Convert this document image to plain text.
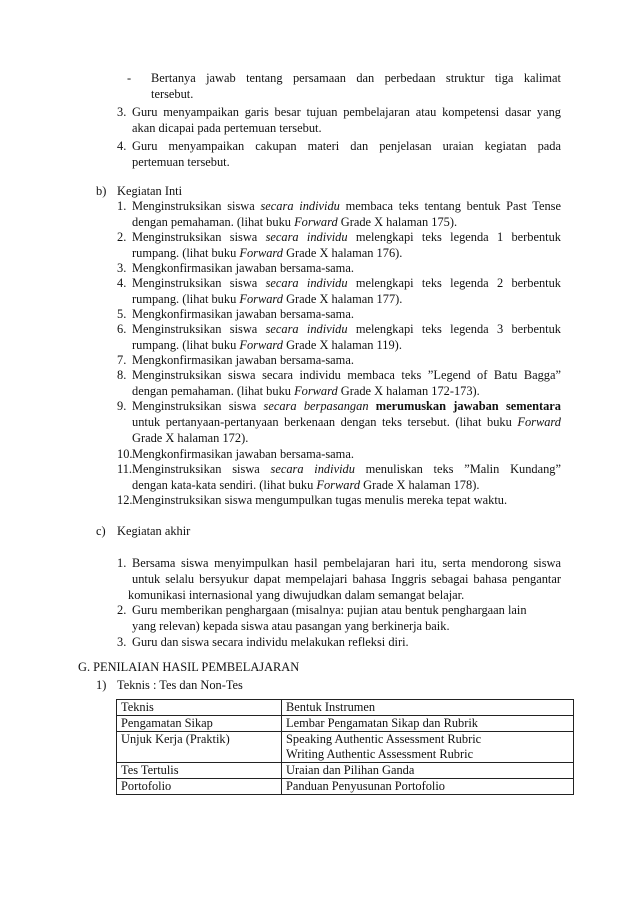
- Bertanya jawab tentang persamaan dan perbedaan struktur tiga kalimat
tersebut.
3. Guru menyampaikan garis besar tujuan pembelajaran atau kompetensi dasar yang
akan dicapai pada pertemuan tersebut.
4. Guru menyampaikan cakupan materi dan penjelasan uraian kegiatan pada
pertemuan tersebut.
b) Kegiatan Inti
1. Menginstruksikan siswa secara individu membaca teks tentang bentuk Past Tense
dengan pemahaman. (lihat buku Forward Grade X halaman 175).
2. Menginstruksikan siswa secara individu melengkapi teks legenda 1 berbentuk
rumpang. (lihat buku Forward Grade X halaman 176).
3. Mengkonfirmasikan jawaban bersama-sama.
4. Menginstruksikan siswa secara individu melengkapi teks legenda 2 berbentuk
rumpang. (lihat buku Forward Grade X halaman 177).
5. Mengkonfirmasikan jawaban bersama-sama.
6. Menginstruksikan siswa secara individu melengkapi teks legenda 3 berbentuk
rumpang. (lihat buku Forward Grade X halaman 119).
7. Mengkonfirmasikan jawaban bersama-sama.
8. Menginstruksikan siswa secara individu membaca teks ”Legend of Batu Bagga”
dengan pemahaman. (lihat buku Forward Grade X halaman 172-173).
9. Menginstruksikan siswa secara berpasangan merumuskan jawaban sementara
untuk pertanyaan-pertanyaan berkenaan dengan teks tersebut. (lihat buku Forward
Grade X halaman 172).
10. Mengkonfirmasikan jawaban bersama-sama.
11. Menginstruksikan siswa secara individu menuliskan teks ”Malin Kundang”
dengan kata-kata sendiri. (lihat buku Forward Grade X halaman 178).
12. Menginstruksikan siswa mengumpulkan tugas menulis mereka tepat waktu.
c) Kegiatan akhir
1. Bersama siswa menyimpulkan hasil pembelajaran hari itu, serta mendorong siswa
untuk selalu bersyukur dapat mempelajari bahasa Inggris sebagai bahasa pengantar
komunikasi internasional yang diwujudkan dalam semangat belajar.
2. Guru memberikan penghargaan (misalnya: pujian atau bentuk penghargaan lain
yang relevan) kepada siswa atau pasangan yang berkinerja baik.
3. Guru dan siswa secara individu melakukan refleksi diri.
G. PENILAIAN HASIL PEMBELAJARAN
1) Teknis : Tes dan Non-Tes
Teknis	Bentuk Instrumen
Pengamatan Sikap	Lembar Pengamatan Sikap dan Rubrik
Unjuk Kerja (Praktik)	Speaking Authentic Assessment Rubric
Writing Authentic Assessment Rubric

Tes Tertulis	Uraian dan Pilihan Ganda
Portofolio	Panduan Penyusunan Portofolio
